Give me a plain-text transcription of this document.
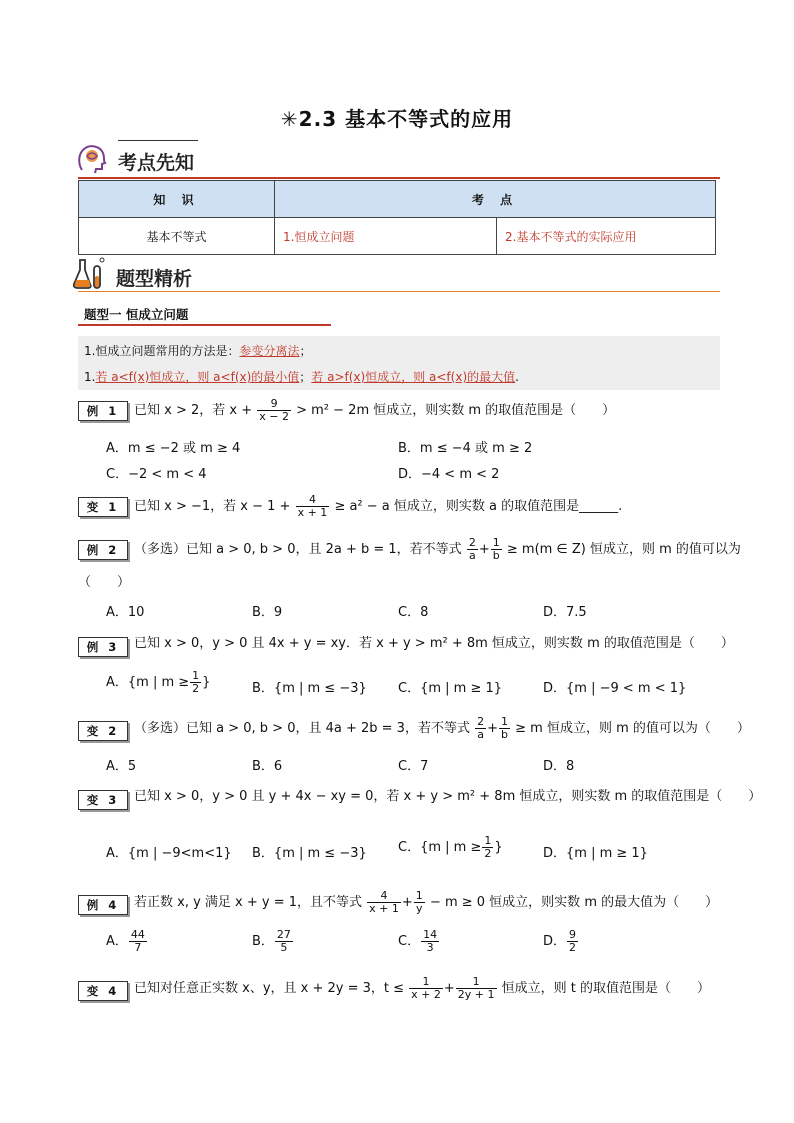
✳2.3 基本不等式的应用
考点先知
知 识	考 点	
基本不等式	1.恒成立问题	2.基本不等式的实际应用
题型精析
题型一 恒成立问题
1.恒成立问题常用的方法是：参变分离法；
1.若 a<f(x)恒成立，则 a<f(x)的最小值；若 a>f(x)恒成立，则 a<f(x)的最大值.
例 1	已知 x > 2，若 $x + \frac{9}{x - 2} > m^2 - 2m$ 恒成立，则实数 m 的取值范围是（　　）
A．m ≤ −2 或 m ≥ 4	B．m ≤ −4 或 m ≥ 2
C．−2 < m < 4	D．−4 < m < 2
变 1	已知 x > −1，若 $x - 1 + \frac{4}{x + 1} \ge a^2 - a$ 恒成立，则实数 a 的取值范围是______.
例 2	（多选）已知 a > 0, b > 0，且 2a + b = 1，若不等式 $\frac{2}{a} + \frac{1}{b} \ge m(m$ ∈ Z) 恒成立，则 m 的值可以为
（　　）
A．10	B．9	C．8	D．7.5
例 3	已知 x > 0，y > 0 且 4x + y = xy．若 x + y > m² + 8m 恒成立，则实数 m 的取值范围是（　　）
A．{m | $m \ge \frac{1}{2}$ }	B．{m | m ≤ −3} C．{m | m ≥ 1}	D．{m | −9 < m < 1}
变 2	（多选）已知 a > 0, b > 0，且 4a + 2b = 3，若不等式 $\frac{2}{a} + \frac{1}{b} \ge m$ 恒成立，则 m 的值可以为（　　）
A．5	B．6	C．7	D．8
变 3	已知 x > 0，y > 0 且 y + 4x − xy = 0，若 x + y > m² + 8m 恒成立，则实数 m 的取值范围是（　　）
A．{m | −9<m<1} B．{m | m ≤ −3} C．{m | $m \ge \frac{1}{2}$ }	D．{m | m ≥ 1}
例 4	若正数 x, y 满足 x + y = 1，且不等式 $\frac{4}{x + 1} + \frac{1}{y} - m \ge 0$ 恒成立，则实数 m 的最大值为（　　）
A． $\frac{44}{7}$	B． $\frac{27}{5}$	C． $\frac{14}{3}$	D． $\frac{9}{2}$
变 4	已知对任意正实数 x、y，且 x + 2y = 3，$t \le \frac{1}{x + 2} + \frac{1}{2y + 1}$ 恒成立，则 t 的取值范围是（　　）
